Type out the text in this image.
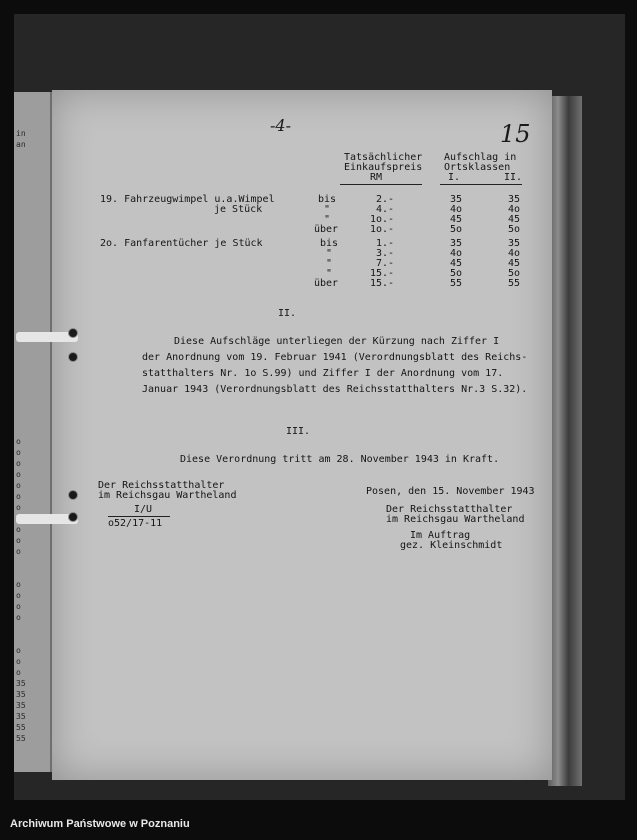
in
an

o
o
o
o
o
o
o

o
o
o

o
o
o
o

o
o
o
35
35
35
35
55
55
-4-	15
Tatsächlicher
Einkaufspreis
RM
Aufschlag in
Ortsklassen
I.	II.
19. Fahrzeugwimpel u.a.Wimpel
je Stück
bis	2.-	35	35
"	4.-	4o	4o
"	1o.-	45	45
über	1o.-	5o	5o
2o. Fanfarentücher je Stück	bis	1.-	35	35
"	3.-	4o	4o
"	7.-	45	45
"	15.-	5o	5o
über	15.-	55	55
II.
Diese Aufschläge unterliegen der Kürzung nach Ziffer I
der Anordnung vom 19. Februar 1941 (Verordnungsblatt des Reichs-
statthalters Nr. 1o S.99) und Ziffer I der Anordnung vom 17.
Januar 1943 (Verordnungsblatt des Reichsstatthalters Nr.3 S.32).
III.
Diese Verordnung tritt am 28. November 1943 in Kraft.
Der Reichsstatthalter
im Reichsgau Wartheland
I/U
o52/17-11
Posen, den 15. November 1943
Der Reichsstatthalter
im Reichsgau Wartheland
Im Auftrag
gez. Kleinschmidt
Archiwum Państwowe w Poznaniu
